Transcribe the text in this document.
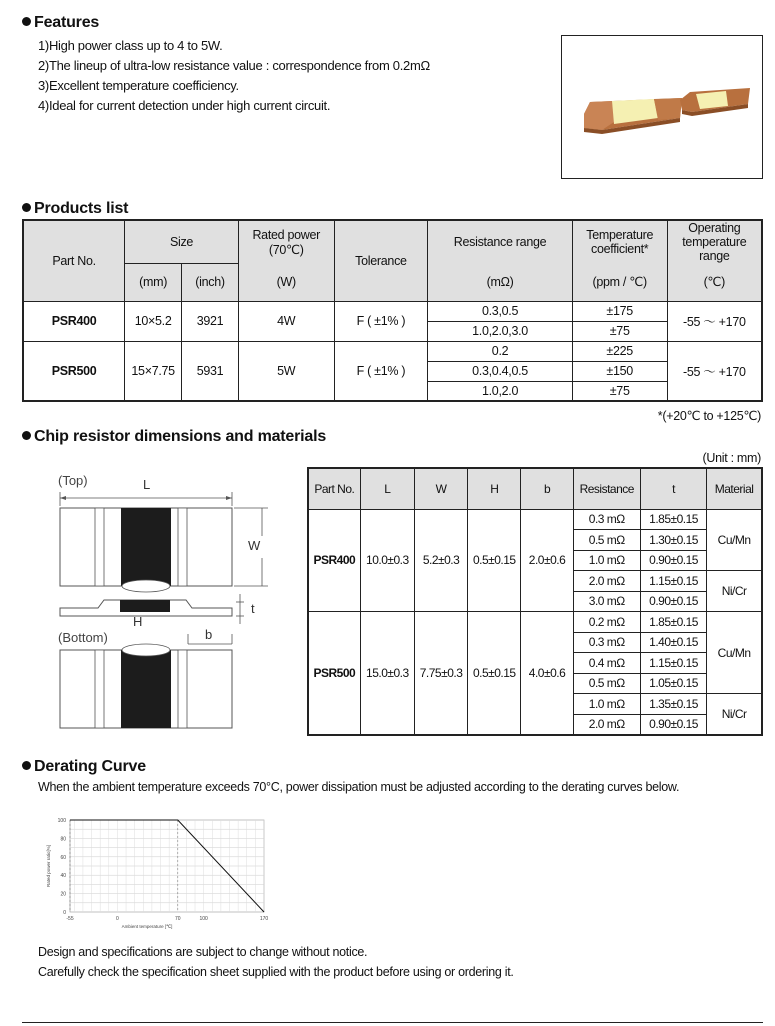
Features
1)High power class up to 4 to 5W.
2)The lineup of ultra-low resistance value : correspondence from 0.2mΩ
3)Excellent temperature coefficiency.
4)Ideal for current detection under high current circuit.
Products list
Part No.	Size		Rated power (70℃)	Tolerance	Resistance range	Temperature coefficient*	Operating temperature range
	(mm)	(inch)	(W)		(mΩ)	(ppm / ℃)	(℃)
PSR400	10×5.2	3921	4W	F ( ±1% )	0.3,0.5	±175	-55 ～ +170
					1.0,2.0,3.0	±75	
PSR500	15×7.75	5931	5W	F ( ±1% )	0.2	±225	-55 ～ +170
					0.3,0.4,0.5	±150	
					1.0,2.0	±75	
*(+20℃ to +125℃)
Chip resistor dimensions and materials
(Unit : mm)
(Top)	L
W
H
t
(Bottom)	b
Part No.	L	W	H	b	Resistance	t	Material
PSR400	10.0±0.3	5.2±0.3	0.5±0.15	2.0±0.6	0.3 mΩ	1.85±0.15	Cu/Mn
					0.5 mΩ	1.30±0.15	
					1.0 mΩ	0.90±0.15	
					2.0 mΩ	1.15±0.15	Ni/Cr
					3.0 mΩ	0.90±0.15	
PSR500	15.0±0.3	7.75±0.3	0.5±0.15	4.0±0.6	0.2 mΩ	1.85±0.15	Cu/Mn
					0.3 mΩ	1.40±0.15	
					0.4 mΩ	1.15±0.15	
					0.5 mΩ	1.05±0.15	
					1.0 mΩ	1.35±0.15	Ni/Cr
					2.0 mΩ	0.90±0.15	
Derating Curve
When the ambient temperature exceeds 70°C, power dissipation must be adjusted according to the derating curves below.
0
20
40
60
80
100
-55	0	70	100	170
Ambient temperature [℃]
Rated power ratio[%]
Design and specifications are subject to change without notice.
Carefully check the specification sheet supplied with the product before using or ordering it.
